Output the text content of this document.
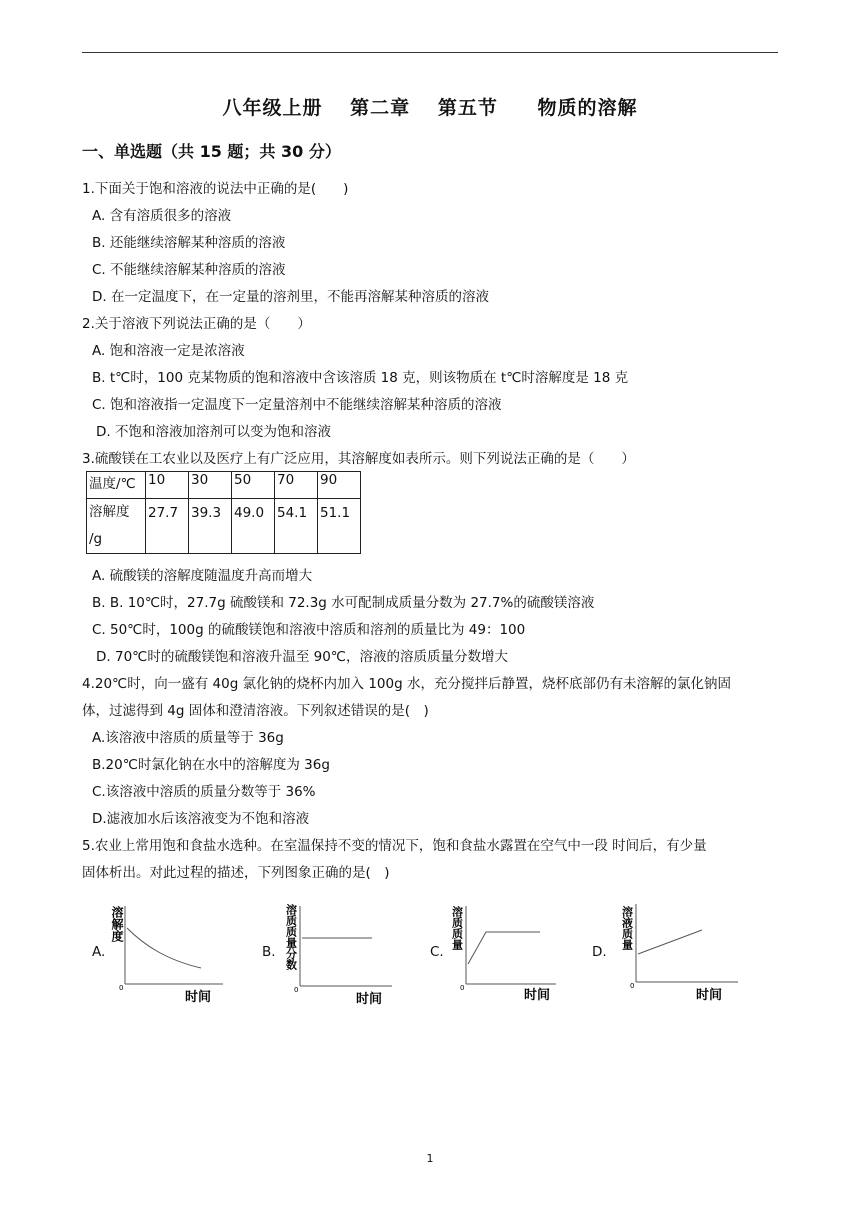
八年级上册 第二章 第五节 物质的溶解
一、单选题（共 15 题；共 30 分）
1.下面关于饱和溶液的说法中正确的是(　　)
A. 含有溶质很多的溶液
B. 还能继续溶解某种溶质的溶液
C. 不能继续溶解某种溶质的溶液
D. 在一定温度下，在一定量的溶剂里，不能再溶解某种溶质的溶液
2.关于溶液下列说法正确的是（　　）
A. 饱和溶液一定是浓溶液
B. t℃时，100 克某物质的饱和溶液中含该溶质 18 克，则该物质在 t℃时溶解度是 18 克
C. 饱和溶液指一定温度下一定量溶剂中不能继续溶解某种溶质的溶液
D. 不饱和溶液加溶剂可以变为饱和溶液
3.硫酸镁在工农业以及医疗上有广泛应用，其溶解度如表所示。则下列说法正确的是（　　）
温度/℃	10	30	50	70	90

溶解度
/g	27.7	39.3	49.0	54.1	51.1
A. 硫酸镁的溶解度随温度升高而增大
B. B. 10℃时，27.7g 硫酸镁和 72.3g 水可配制成质量分数为 27.7%的硫酸镁溶液
C. 50℃时，100g 的硫酸镁饱和溶液中溶质和溶剂的质量比为 49：100
D. 70℃时的硫酸镁饱和溶液升温至 90℃，溶液的溶质质量分数增大
4.20℃时，向一盛有 40g 氯化钠的烧杯内加入 100g 水，充分搅拌后静置，烧杯底部仍有未溶解的氯化钠固
体，过滤得到 4g 固体和澄清溶液。下列叙述错误的是(　)
A.该溶液中溶质的质量等于 36g
B.20℃时氯化钠在水中的溶解度为 36g
C.该溶液中溶质的质量分数等于 36%
D.滤液加水后该溶液变为不饱和溶液
5.农业上常用饱和食盐水选种。在室温保持不变的情况下，饱和食盐水露置在空气中一段 时间后，有少量
固体析出。对此过程的描述，下列图象正确的是(　)
A.
溶解度
0
时间
B. 溶质质量分数
0
时间
C.
溶质质量
0	时间
D.
溶液质量
0
时间
1
